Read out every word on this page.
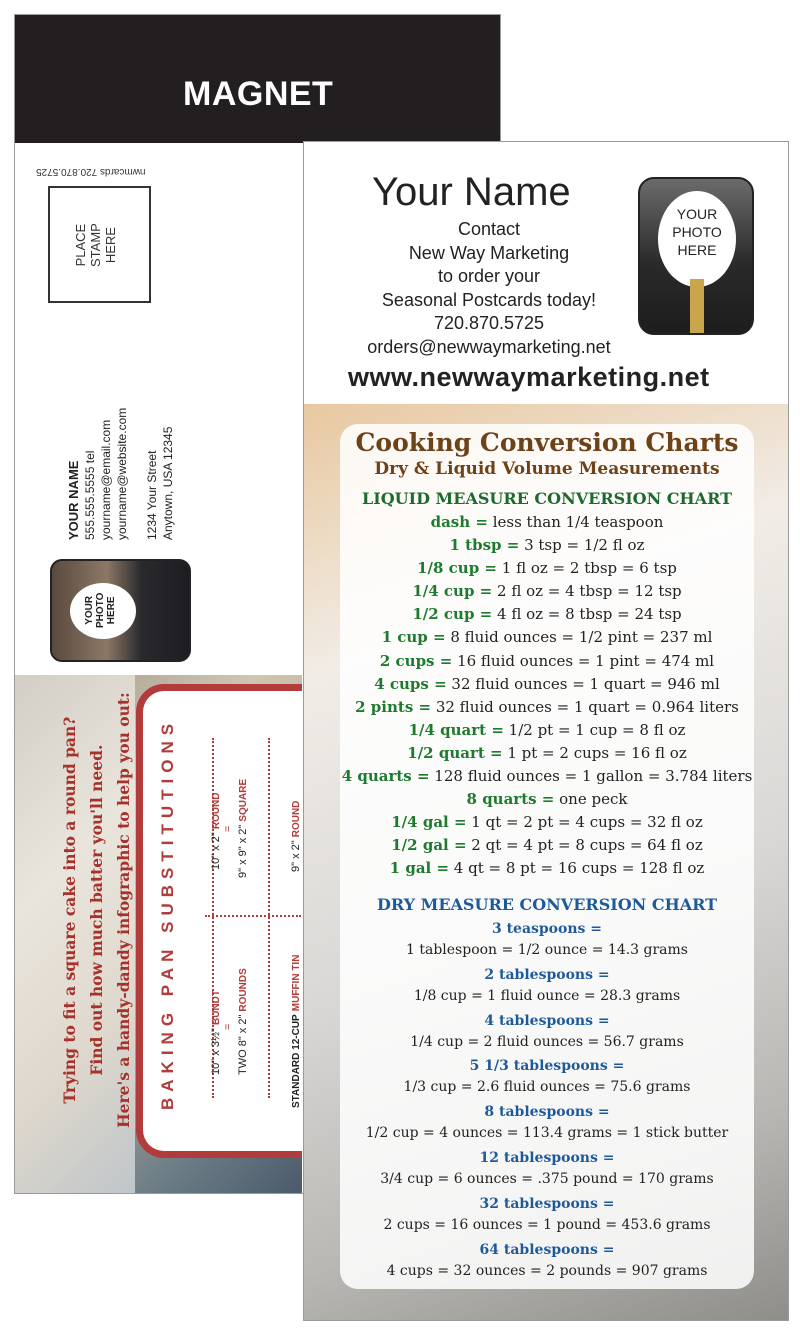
MAGNET
nwmcards 720.870.5725
PLACE
STAMP
HERE
YOUR NAME 555.555.5555 tel yourname@email.com yourname@website.com 1234 Your Street Anytown, USA 12345
YOUR
PHOTO
HERE
Trying to fit a square cake into a round pan? Find out how much batter you'll need. Here's a handy-dandy infographic to help you out: BAKING PAN SUBSTITUTIONS	10" x 3½" BUNDT
= TWO 8" x 2" ROUNDS
10" x 2" ROUND = 9" x 9" x 2" SQUARE
STANDARD 12-CUP MUFFIN TIN
9" x 2" ROUND
Your Name
Contact
New Way Marketing
to order your
Seasonal Postcards today!
720.870.5725
orders@newwaymarketing.net
www.newwaymarketing.net
YOUR
PHOTO
HERE
Cooking Conversion Charts
Dry & Liquid Volume Measurements
LIQUID MEASURE CONVERSION CHART
dash = less than 1/4 teaspoon
1 tbsp = 3 tsp = 1/2 fl oz
1/8 cup = 1 fl oz = 2 tbsp = 6 tsp
1/4 cup = 2 fl oz = 4 tbsp = 12 tsp
1/2 cup = 4 fl oz = 8 tbsp = 24 tsp
1 cup = 8 fluid ounces = 1/2 pint = 237 ml
2 cups = 16 fluid ounces = 1 pint = 474 ml
4 cups = 32 fluid ounces = 1 quart = 946 ml
2 pints = 32 fluid ounces = 1 quart = 0.964 liters
1/4 quart = 1/2 pt = 1 cup = 8 fl oz
1/2 quart = 1 pt = 2 cups = 16 fl oz
4 quarts = 128 fluid ounces = 1 gallon = 3.784 liters
8 quarts = one peck
1/4 gal = 1 qt = 2 pt = 4 cups = 32 fl oz
1/2 gal = 2 qt = 4 pt = 8 cups = 64 fl oz
1 gal = 4 qt = 8 pt = 16 cups = 128 fl oz
DRY MEASURE CONVERSION CHART
3 teaspoons =
1 tablespoon = 1/2 ounce = 14.3 grams
2 tablespoons =
1/8 cup = 1 fluid ounce = 28.3 grams
4 tablespoons =
1/4 cup = 2 fluid ounces = 56.7 grams
5 1/3 tablespoons =
1/3 cup = 2.6 fluid ounces = 75.6 grams
8 tablespoons =
1/2 cup = 4 ounces = 113.4 grams = 1 stick butter
12 tablespoons =
3/4 cup = 6 ounces = .375 pound = 170 grams
32 tablespoons =
2 cups = 16 ounces = 1 pound = 453.6 grams
64 tablespoons =
4 cups = 32 ounces = 2 pounds = 907 grams
